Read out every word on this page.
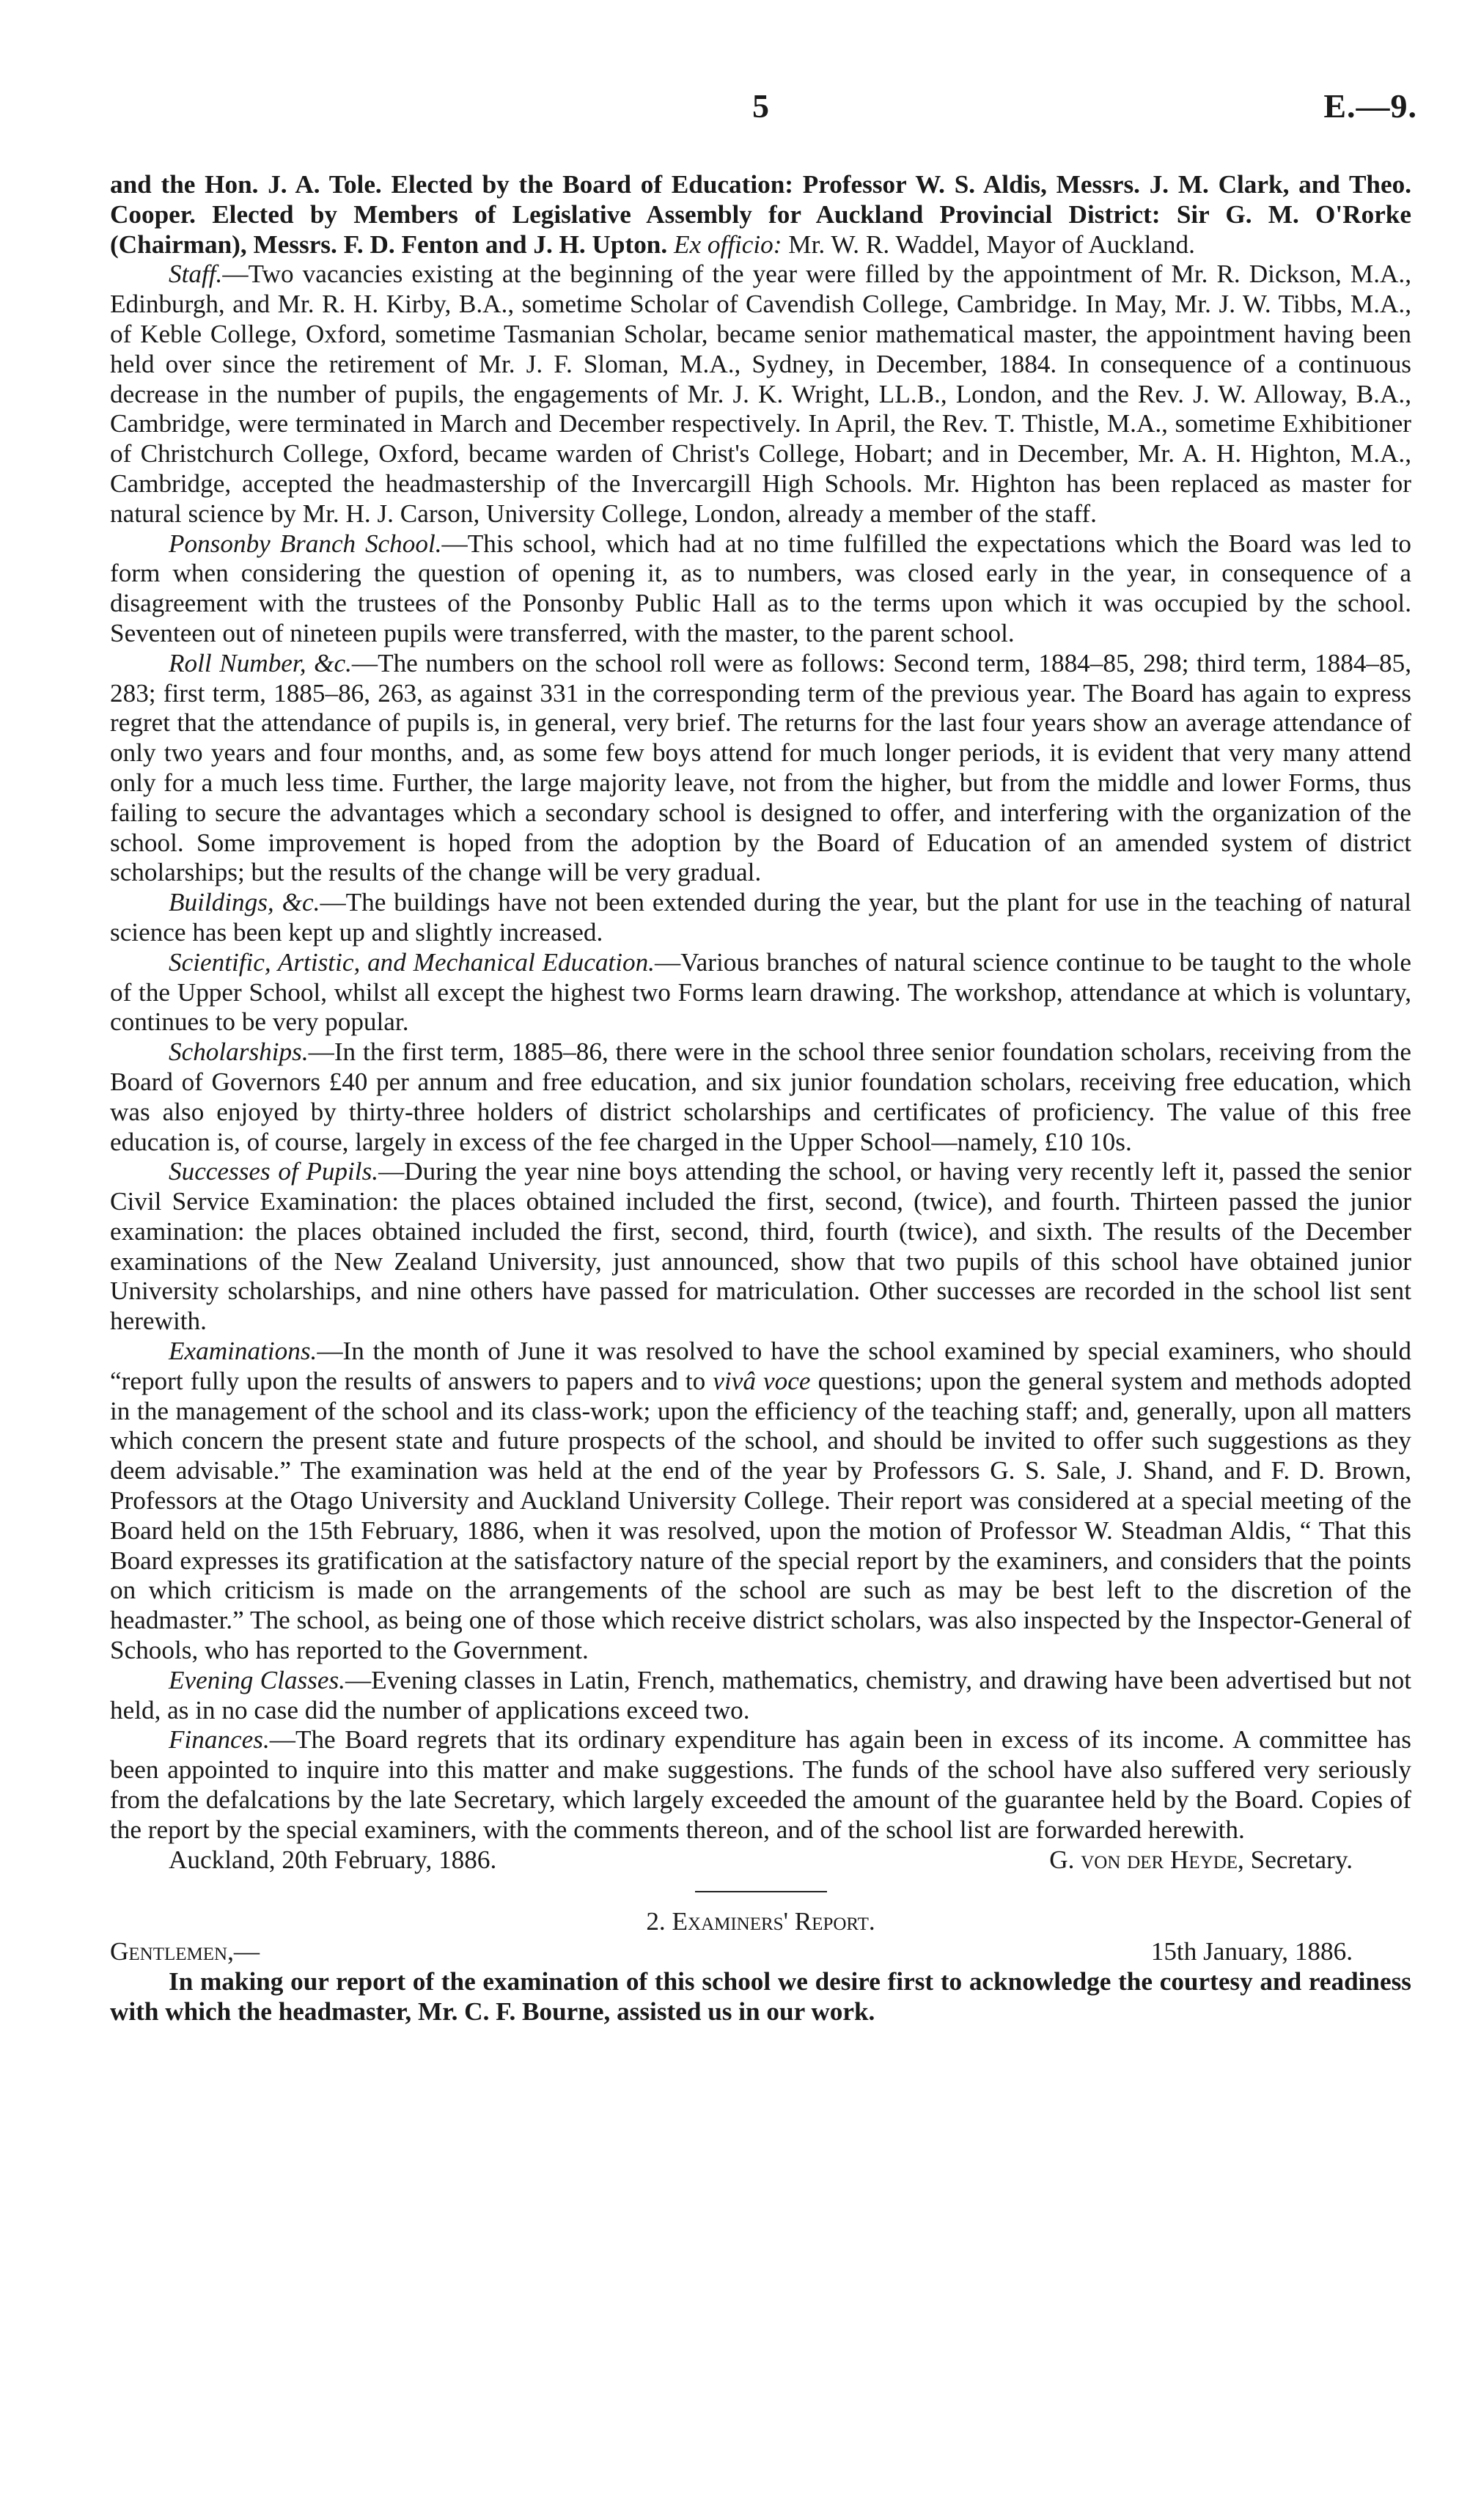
5	E.—9.

and the Hon. J. A. Tole. Elected by the Board of Education: Professor W. S. Aldis, Messrs. J. M. Clark, and Theo. Cooper. Elected by Members of Legislative Assembly for Auckland Provincial District: Sir G. M. O'Rorke (Chairman), Messrs. F. D. Fenton and J. H. Upton. Ex officio: Mr. W. R. Waddel, Mayor of Auckland.

Staff.—Two vacancies existing at the beginning of the year were filled by the appointment of Mr. R. Dickson, M.A., Edinburgh, and Mr. R. H. Kirby, B.A., sometime Scholar of Cavendish College, Cambridge. In May, Mr. J. W. Tibbs, M.A., of Keble College, Oxford, sometime Tasmanian Scholar, became senior mathematical master, the appointment having been held over since the retirement of Mr. J. F. Sloman, M.A., Sydney, in December, 1884. In consequence of a continuous decrease in the number of pupils, the engagements of Mr. J. K. Wright, LL.B., London, and the Rev. J. W. Alloway, B.A., Cambridge, were terminated in March and December respectively. In April, the Rev. T. Thistle, M.A., sometime Exhibitioner of Christchurch College, Oxford, became warden of Christ's College, Hobart; and in December, Mr. A. H. Highton, M.A., Cambridge, accepted the headmastership of the Invercargill High Schools. Mr. Highton has been replaced as master for natural science by Mr. H. J. Carson, University College, London, already a member of the staff.

Ponsonby Branch School.—This school, which had at no time fulfilled the expectations which the Board was led to form when considering the question of opening it, as to numbers, was closed early in the year, in consequence of a disagreement with the trustees of the Ponsonby Public Hall as to the terms upon which it was occupied by the school. Seventeen out of nineteen pupils were transferred, with the master, to the parent school.

Roll Number, &c.—The numbers on the school roll were as follows: Second term, 1884–85, 298; third term, 1884–85, 283; first term, 1885–86, 263, as against 331 in the corresponding term of the previous year. The Board has again to express regret that the attendance of pupils is, in general, very brief. The returns for the last four years show an average attendance of only two years and four months, and, as some few boys attend for much longer periods, it is evident that very many attend only for a much less time. Further, the large majority leave, not from the higher, but from the middle and lower Forms, thus failing to secure the advantages which a secondary school is designed to offer, and interfering with the organization of the school. Some improvement is hoped from the adoption by the Board of Education of an amended system of district scholarships; but the results of the change will be very gradual.

Buildings, &c.—The buildings have not been extended during the year, but the plant for use in the teaching of natural science has been kept up and slightly increased.

Scientific, Artistic, and Mechanical Education.—Various branches of natural science continue to be taught to the whole of the Upper School, whilst all except the highest two Forms learn drawing. The workshop, attendance at which is voluntary, continues to be very popular.

Scholarships.—In the first term, 1885–86, there were in the school three senior foundation scholars, receiving from the Board of Governors £40 per annum and free education, and six junior foundation scholars, receiving free education, which was also enjoyed by thirty-three holders of district scholarships and certificates of proficiency. The value of this free education is, of course, largely in excess of the fee charged in the Upper School—namely, £10 10s.

Successes of Pupils.—During the year nine boys attending the school, or having very recently left it, passed the senior Civil Service Examination: the places obtained included the first, second, (twice), and fourth. Thirteen passed the junior examination: the places obtained included the first, second, third, fourth (twice), and sixth. The results of the December examinations of the New Zealand University, just announced, show that two pupils of this school have obtained junior University scholarships, and nine others have passed for matriculation. Other successes are recorded in the school list sent herewith.

Examinations.—In the month of June it was resolved to have the school examined by special examiners, who should “report fully upon the results of answers to papers and to vivâ voce questions; upon the general system and methods adopted in the management of the school and its class-work; upon the efficiency of the teaching staff; and, generally, upon all matters which concern the present state and future prospects of the school, and should be invited to offer such suggestions as they deem advisable.” The examination was held at the end of the year by Professors G. S. Sale, J. Shand, and F. D. Brown, Professors at the Otago University and Auckland University College. Their report was considered at a special meeting of the Board held on the 15th February, 1886, when it was resolved, upon the motion of Professor W. Steadman Aldis, “ That this Board expresses its gratification at the satisfactory nature of the special report by the examiners, and considers that the points on which criticism is made on the arrangements of the school are such as may be best left to the discretion of the headmaster.” The school, as being one of those which receive district scholars, was also inspected by the Inspector-General of Schools, who has reported to the Government.

Evening Classes.—Evening classes in Latin, French, mathematics, chemistry, and drawing have been advertised but not held, as in no case did the number of applications exceed two.

Finances.—The Board regrets that its ordinary expenditure has again been in excess of its income. A committee has been appointed to inquire into this matter and make suggestions. The funds of the school have also suffered very seriously from the defalcations by the late Secretary, which largely exceeded the amount of the guarantee held by the Board. Copies of the report by the special examiners, with the comments thereon, and of the school list are forwarded herewith.

Auckland, 20th February, 1886.	G. von der Heyde, Secretary.

2. Examiners' Report.

Gentlemen,—	15th January, 1886.

In making our report of the examination of this school we desire first to acknowledge the courtesy and readiness with which the headmaster, Mr. C. F. Bourne, assisted us in our work.
